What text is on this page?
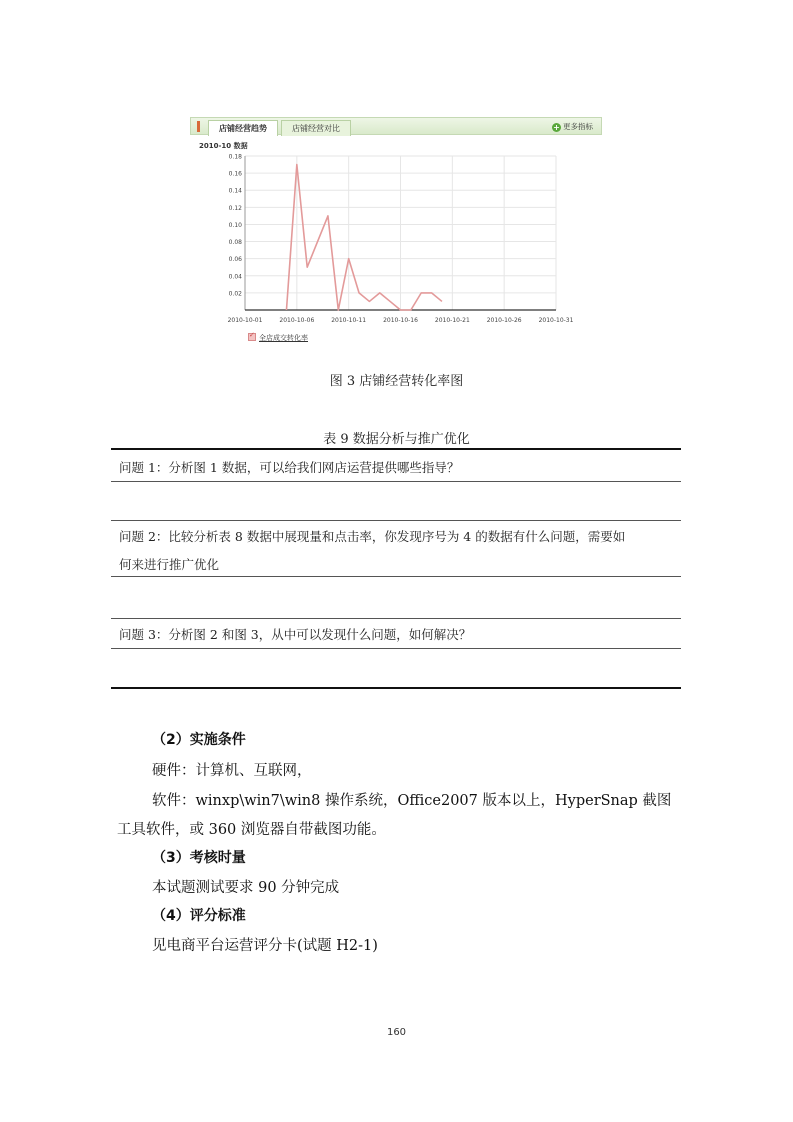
店铺经营趋势	店铺经营对比	+ 更多指标
2010-10 数据
0.18
0.16
0.14
0.12
0.10
0.08
0.06
0.04
0.02
2010-10-01	2010-10-06	2010-10-11	2010-10-16	2010-10-21	2010-10-26	2010-10-31
✓全店成交转化率
图 3 店铺经营转化率图
表 9 数据分析与推广优化
问题 1：分析图 1 数据，可以给我们网店运营提供哪些指导？
问题 2：比较分析表 8 数据中展现量和点击率，你发现序号为 4 的数据有什么问题，需要如
何来进行推广优化
问题 3：分析图 2 和图 3，从中可以发现什么问题，如何解决？
（2）实施条件
硬件：计算机、互联网，
软件：winxp\win7\win8 操作系统，Office2007 版本以上，HyperSnap 截图
工具软件，或 360 浏览器自带截图功能。
（3）考核时量
本试题测试要求 90 分钟完成
（4）评分标准
见电商平台运营评分卡(试题 H2-1)
160
